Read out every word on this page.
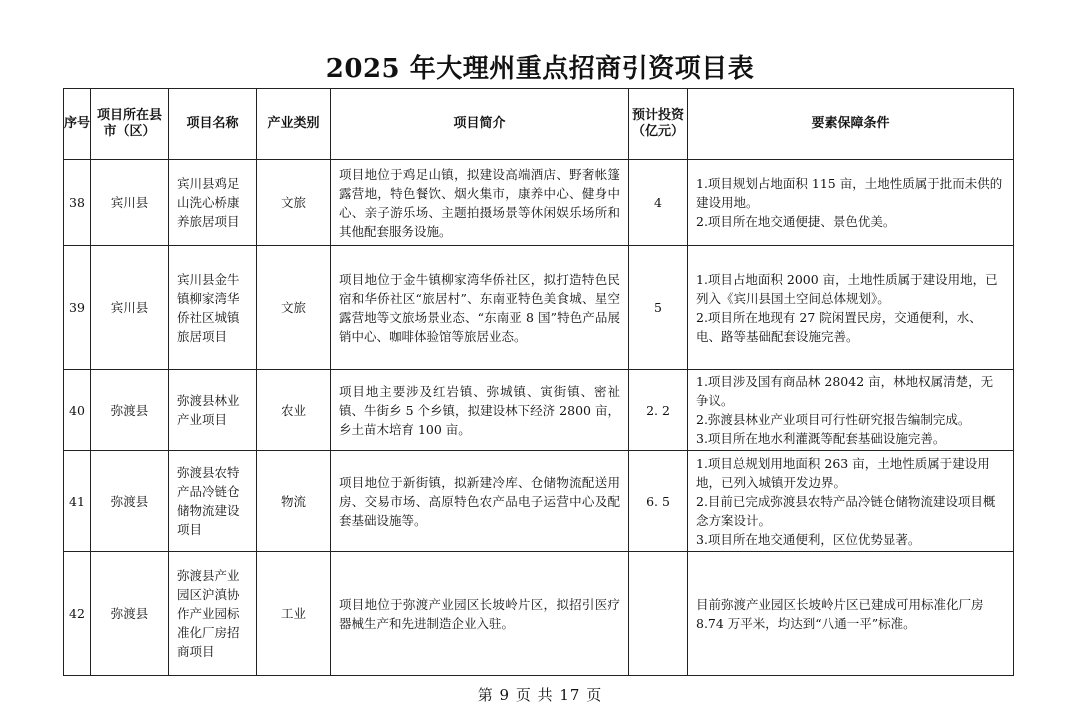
2025 年大理州重点招商引资项目表
序号	项目所在县市（区）	项目名称	产业类别	项目简介	预计投资（亿元）	要素保障条件
38	宾川县	宾川县鸡足山洗心桥康养旅居项目	文旅	项目地位于鸡足山镇，拟建设高端酒店、野奢帐篷露营地，特色餐饮、烟火集市，康养中心、健身中心、亲子游乐场、主题拍摄场景等休闲娱乐场所和其他配套服务设施。	4	1.项目规划占地面积 115 亩，土地性质属于批而未供的建设用地。
2.项目所在地交通便捷、景色优美。

39	宾川县	宾川县金牛镇柳家湾华侨社区城镇旅居项目	文旅	项目地位于金牛镇柳家湾华侨社区，拟打造特色民宿和华侨社区“旅居村”、东南亚特色美食城、星空露营地等文旅场景业态、“东南亚 8 国”特色产品展销中心、咖啡体验馆等旅居业态。	5	1.项目占地面积 2000 亩，土地性质属于建设用地，已列入《宾川县国土空间总体规划》。
2.项目所在地现有 27 院闲置民房，交通便利，水、电、路等基础配套设施完善。

40	弥渡县	弥渡县林业产业项目	农业	项目地主要涉及红岩镇、弥城镇、寅街镇、密祉镇、牛街乡 5 个乡镇，拟建设林下经济 2800 亩，乡土苗木培育 100 亩。	2. 2	1.项目涉及国有商品林 28042 亩，林地权属清楚，无争议。
2.弥渡县林业产业项目可行性研究报告编制完成。
3.项目所在地水利灌溉等配套基础设施完善。

41	弥渡县	弥渡县农特产品冷链仓储物流建设项目	物流	项目地位于新街镇，拟新建冷库、仓储物流配送用房、交易市场、高原特色农产品电子运营中心及配套基础设施等。	6. 5	1.项目总规划用地面积 263 亩，土地性质属于建设用地，已列入城镇开发边界。
2.目前已完成弥渡县农特产品冷链仓储物流建设项目概念方案设计。
3.项目所在地交通便利，区位优势显著。

42	弥渡县	弥渡县产业园区沪滇协作产业园标准化厂房招商项目	工业	项目地位于弥渡产业园区长坡岭片区，拟招引医疗器械生产和先进制造企业入驻。		目前弥渡产业园区长坡岭片区已建成可用标准化厂房 8.74 万平米，均达到“八通一平”标准。
第 9 页 共 17 页
